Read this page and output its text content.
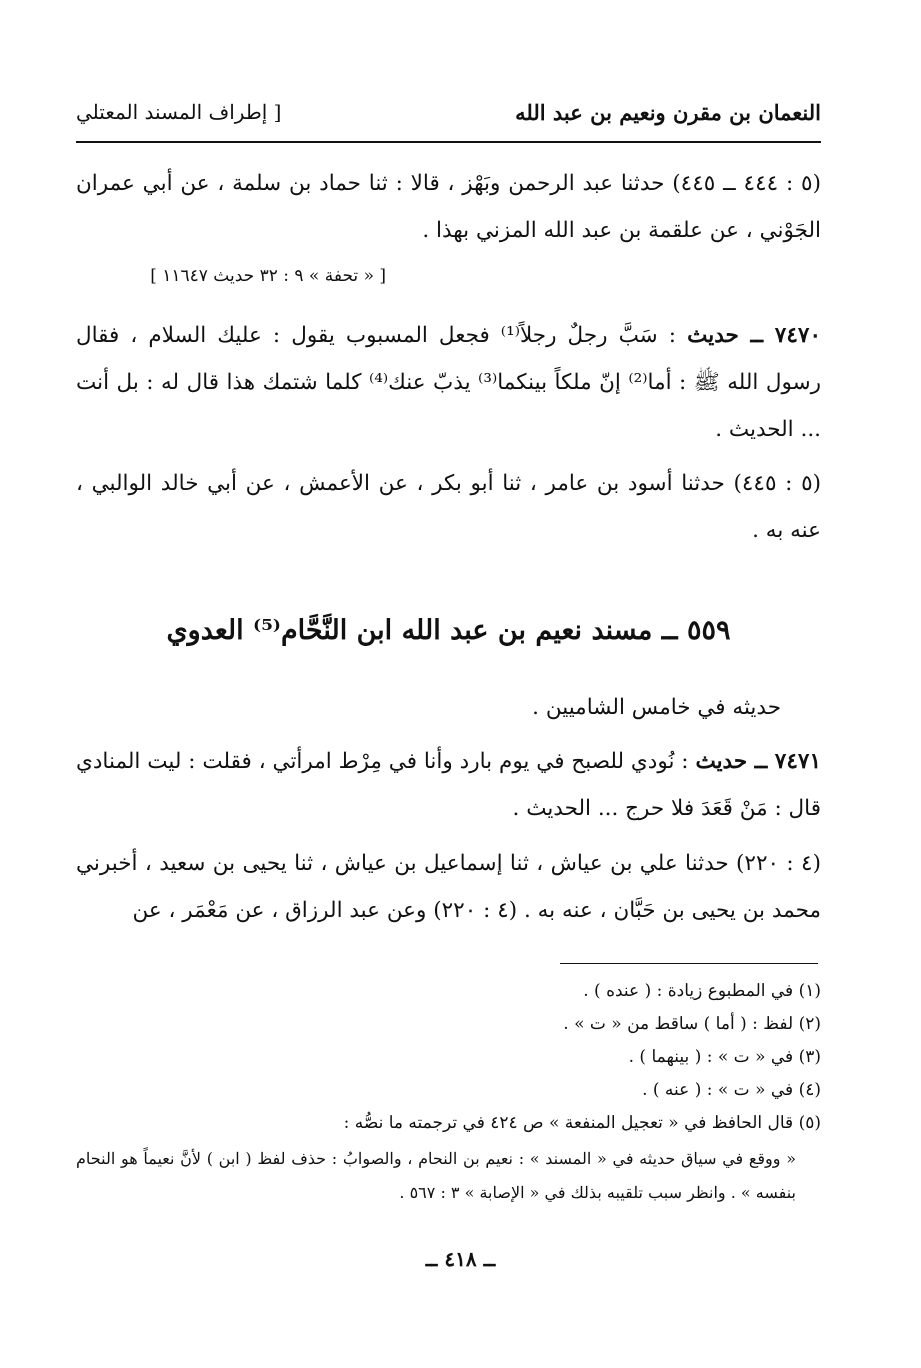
النعمان بن مقرن ونعيم بن عبد الله
[ إطراف المسند المعتلي
(٥ : ٤٤٤ ــ ٤٤٥) حدثنا عبد الرحمن وبَهْز ، قالا : ثنا حماد بن سلمة ، عن أبي عمران الجَوْني ، عن علقمة بن عبد الله المزني بهذا .
[ « تحفة » ٩ : ٣٢ حديث ١١٦٤٧ ]
٧٤٧٠ ــ حديث : سَبَّ رجلٌ رجلاً⁽¹⁾ فجعل المسبوب يقول : عليك السلام ، فقال رسول الله ﷺ : أما⁽²⁾ إنّ ملكاً بينكما⁽³⁾ يذبّ عنك⁽⁴⁾ كلما شتمك هذا قال له : بل أنت ... الحديث .
(٥ : ٤٤٥) حدثنا أسود بن عامر ، ثنا أبو بكر ، عن الأعمش ، عن أبي خالد الوالبي ، عنه به .
٥٥٩ ــ مسند نعيم بن عبد الله ابن النَّحَّام⁽⁵⁾ العدوي
حديثه في خامس الشاميين .
٧٤٧١ ــ حديث : نُودي للصبح في يوم بارد وأنا في مِرْط امرأتي ، فقلت : ليت المنادي قال : مَنْ قَعَدَ فلا حرج ... الحديث .
(٤ : ٢٢٠) حدثنا علي بن عياش ، ثنا إسماعيل بن عياش ، ثنا يحيى بن سعيد ، أخبرني محمد بن يحيى بن حَبَّان ، عنه به . (٤ : ٢٢٠) وعن عبد الرزاق ، عن مَعْمَر ، عن
(١) في المطبوع زيادة : ( عنده ) .
(٢) لفظ : ( أما ) ساقط من « ت » .
(٣) في « ت » : ( بينهما ) .
(٤) في « ت » : ( عنه ) .
(٥) قال الحافظ في « تعجيل المنفعة » ص ٤٢٤ في ترجمته ما نصُّه :
« ووقع في سياق حديثه في « المسند » : نعيم بن النحام ، والصوابُ : حذف لفظ ( ابن ) لأنَّ نعيماً هو النحام بنفسه » . وانظر سبب تلقيبه بذلك في « الإصابة » ٣ : ٥٦٧ .
ــ ٤١٨ ــ
